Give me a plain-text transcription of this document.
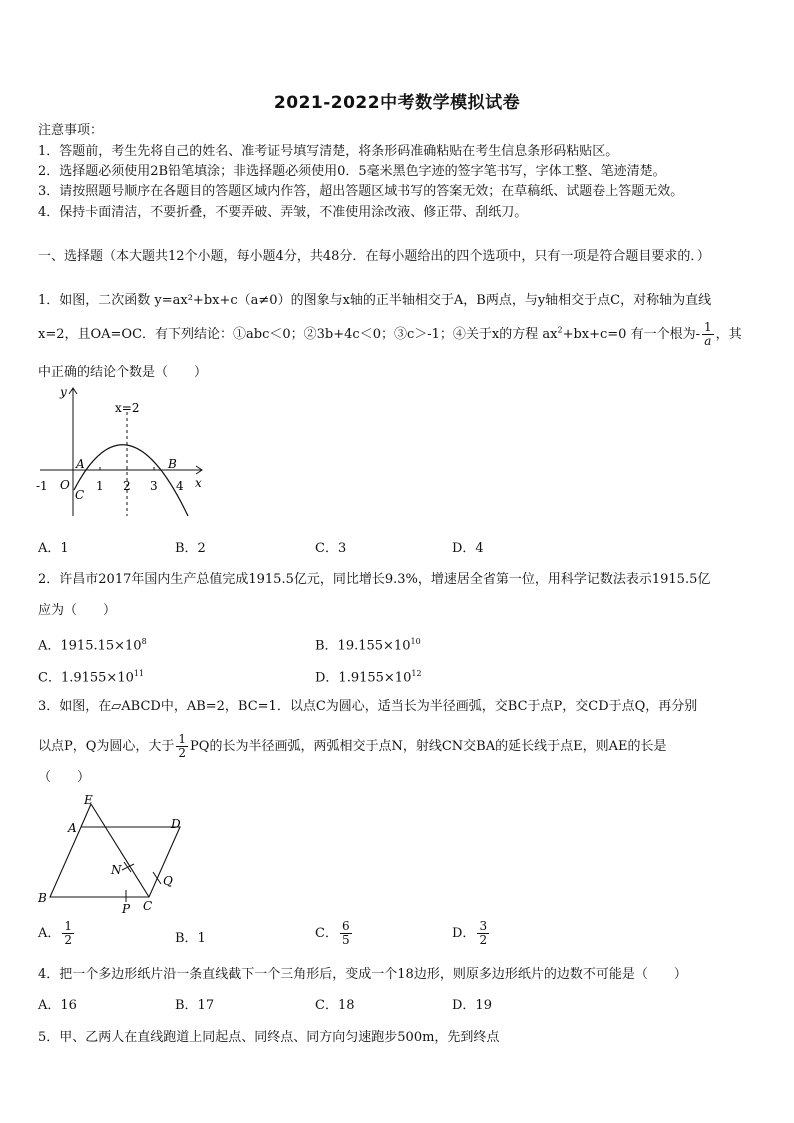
2021-2022中考数学模拟试卷
注意事项：
1．答题前，考生先将自己的姓名、准考证号填写清楚，将条形码准确粘贴在考生信息条形码粘贴区。
2．选择题必须使用2B铅笔填涂；非选择题必须使用0．5毫米黑色字迹的签字笔书写，字体工整、笔迹清楚。
3．请按照题号顺序在各题目的答题区域内作答，超出答题区域书写的答案无效；在草稿纸、试题卷上答题无效。
4．保持卡面清洁，不要折叠，不要弄破、弄皱，不准使用涂改液、修正带、刮纸刀。
一、选择题（本大题共12个小题，每小题4分，共48分．在每小题给出的四个选项中，只有一项是符合题目要求的．）
1．如图，二次函数 y=ax²+bx+c（a≠0）的图象与x轴的正半轴相交于A，B两点，与y轴相交于点C，对称轴为直线
x=2，且OA=OC．有下列结论：①abc＜0；②3b+4c＜0；③c＞-1；④关于x的方程 $ax^2+bx+c=0$ 有一个根为- $\frac{1}{a}$ ，其
中正确的结论个数是（　　）
y
x
x=2
A	B
O
C
-1	1 2 3 4
A．1	B．2	C．3	D．4
2．许昌市2017年国内生产总值完成1915.5亿元，同比增长9.3%，增速居全省第一位，用科学记数法表示1915.5亿
应为（　　）
A．$1915.15\times 10^8$	B．$19.155\times 10^{10}$
C．$1.9155\times 10^{11}$	D．$1.9155\times 10^{12}$
3．如图，在▱ABCD中，AB=2，BC=1．以点C为圆心，适当长为半径画弧，交BC于点P，交CD于点Q，再分别
以点P，Q为圆心，大于 $\frac{1}{2}$ PQ的长为半径画弧，两弧相交于点N，射线CN交BA的延长线于点E，则AE的长是
（　　）
E
A	D
N
Q
B
P C
A． $\frac{1}{2}$	B．1	C． $\frac{6}{5}$	D． $\frac{3}{2}$
4．把一个多边形纸片沿一条直线截下一个三角形后，变成一个18边形，则原多边形纸片的边数不可能是（　　）
A．16	B．17	C．18	D．19
5．甲、乙两人在直线跑道上同起点、同终点、同方向匀速跑步500m，先到终点
